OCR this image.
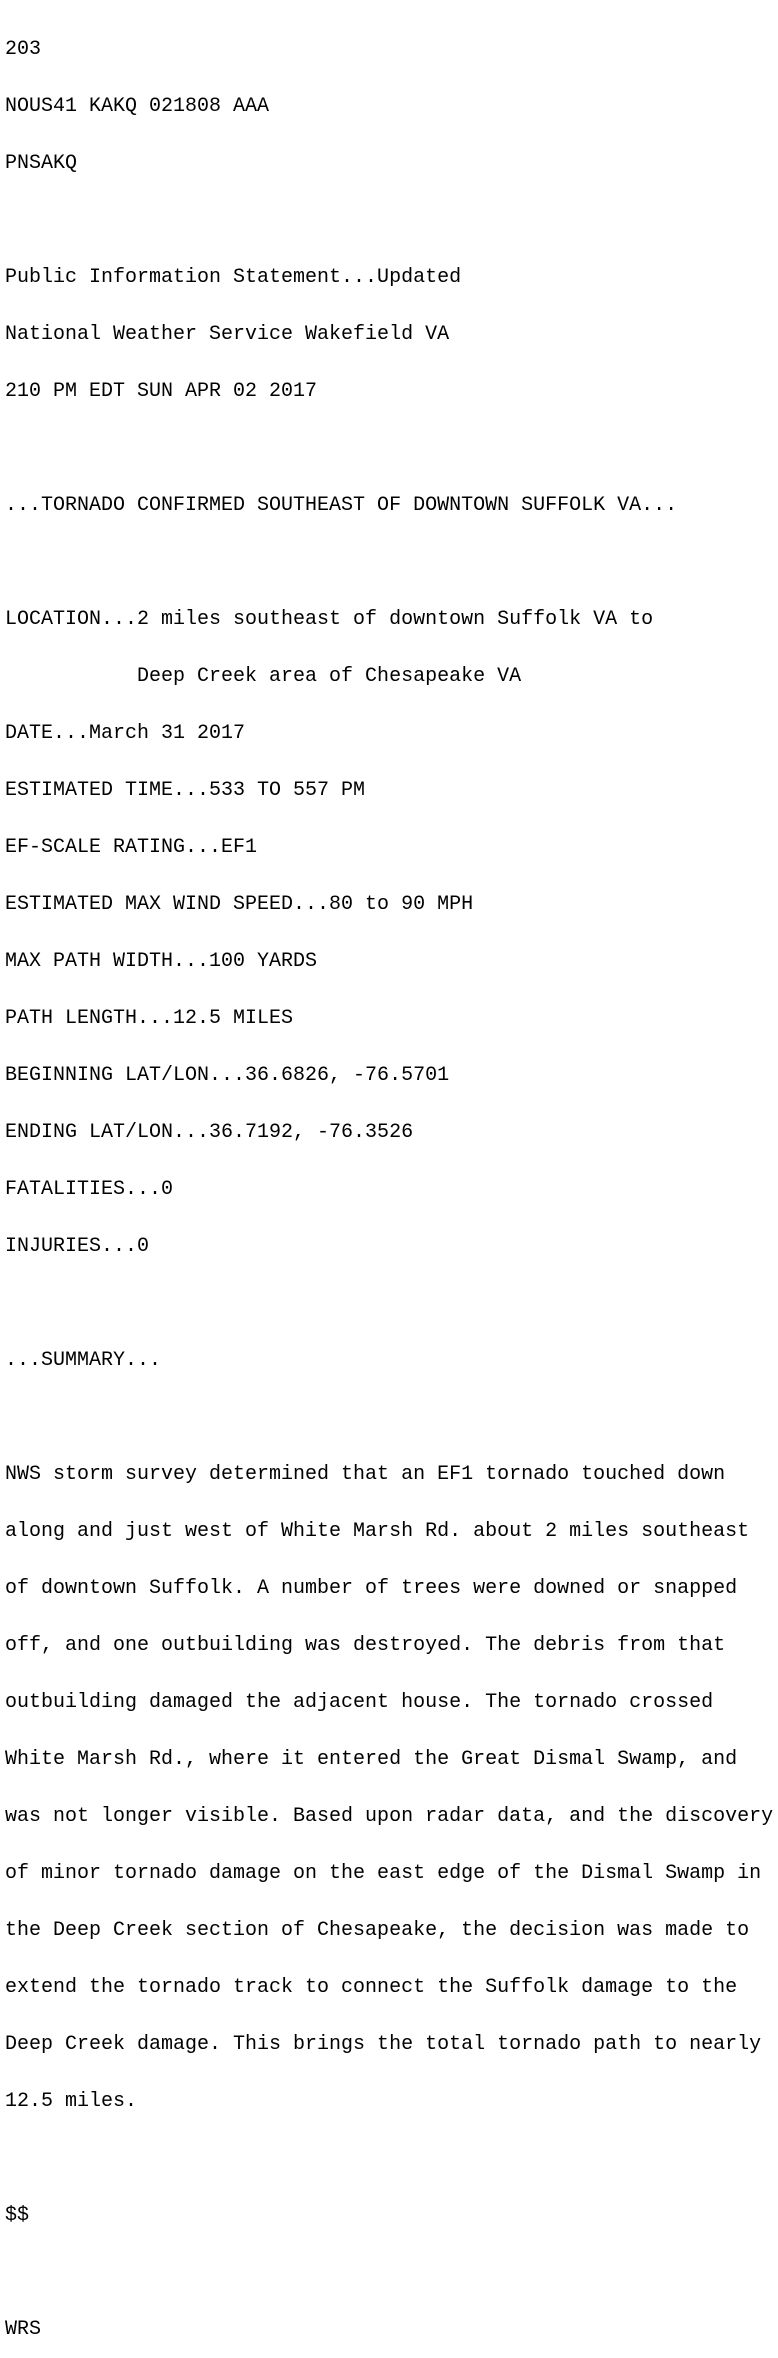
203

NOUS41 KAKQ 021808 AAA

PNSAKQ

Public Information Statement...Updated

National Weather Service Wakefield VA

210 PM EDT SUN APR 02 2017

...TORNADO CONFIRMED SOUTHEAST OF DOWNTOWN SUFFOLK VA...

LOCATION...2 miles southeast of downtown Suffolk VA to

Deep Creek area of Chesapeake VA

DATE...March 31 2017

ESTIMATED TIME...533 TO 557 PM

EF-SCALE RATING...EF1

ESTIMATED MAX WIND SPEED...80 to 90 MPH

MAX PATH WIDTH...100 YARDS

PATH LENGTH...12.5 MILES

BEGINNING LAT/LON...36.6826, -76.5701

ENDING LAT/LON...36.7192, -76.3526

FATALITIES...0

INJURIES...0

...SUMMARY...

NWS storm survey determined that an EF1 tornado touched down

along and just west of White Marsh Rd. about 2 miles southeast

of downtown Suffolk. A number of trees were downed or snapped

off, and one outbuilding was destroyed. The debris from that

outbuilding damaged the adjacent house. The tornado crossed

White Marsh Rd., where it entered the Great Dismal Swamp, and

was not longer visible. Based upon radar data, and the discovery

of minor tornado damage on the east edge of the Dismal Swamp in

the Deep Creek section of Chesapeake, the decision was made to

extend the tornado track to connect the Suffolk damage to the

Deep Creek damage. This brings the total tornado path to nearly

12.5 miles.

$$

WRS
